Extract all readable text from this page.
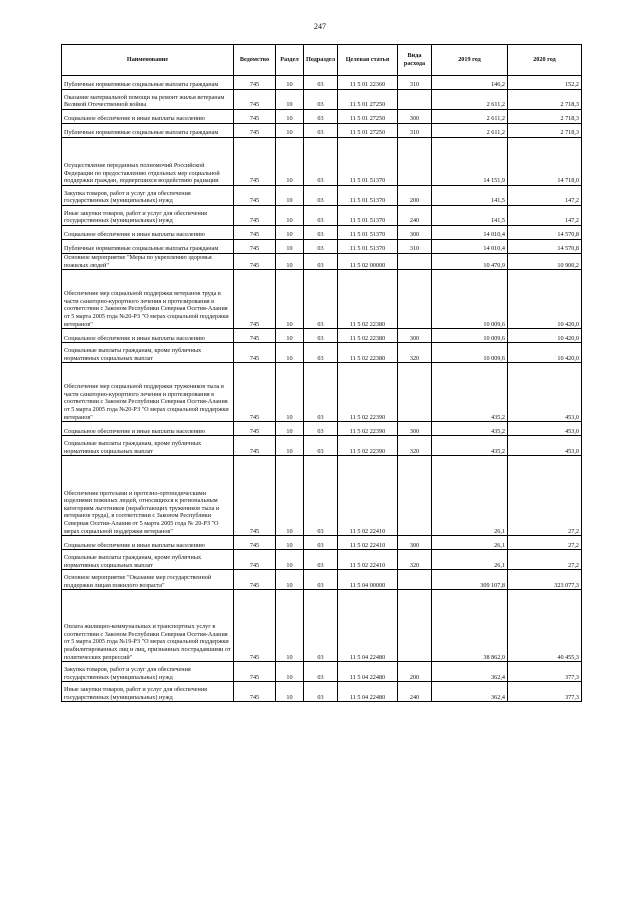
247
Наименование	Ведомство	Раздел	Подраздел	Целевая статья	Вида расхода	2019 год	2020 год
Публичные нормативные социальные выплаты гражданам	745	10	03	11 5 01 22360	310	146,2	152,2
Оказание материальной помощи на ремонт жилья ветеранам Великой Отечественной войны	745	10	03	11 5 01 27250		2 611,2	2 718,3
Социальное обеспечение и иные выплаты населению	745	10	03	11 5 01 27250	300	2 611,2	2 718,3
Публичные нормативные социальные выплаты гражданам	745	10	03	11 5 01 27250	310	2 611,2	2 718,3
Осуществление переданных полномочий Российской Федерации по предоставлению отдельных мер социальной поддержки граждан, подвергшихся воздействию радиации	745	10	03	11 5 01 51370		14 151,9	14 718,0
Закупка товаров, работ и услуг для обеспечения государственных (муниципальных) нужд	745	10	03	11 5 01 51370	200	141,5	147,2
Иные закупки товаров, работ и услуг для обеспечения государственных (муниципальных) нужд	745	10	03	11 5 01 51370	240	141,5	147,2
Социальное обеспечение и иные выплаты населению	745	10	03	11 5 01 51370	300	14 010,4	14 570,8
Публичные нормативные социальные выплаты гражданам	745	10	03	11 5 01 51370	310	14 010,4	14 570,8
Основное мероприятие "Меры по укреплению здоровья пожилых людей"	745	10	03	11 5 02 00000		10 470,9	10 900,2
Обеспечение мер социальной поддержки ветеранов труда в части санаторно-курортного лечения и протезирования в соответствии с Законом Республики Северная Осетия-Алания от 5 марта 2005 года №20-РЗ "О мерах социальной поддержки ветеранов"	745	10	03	11 5 02 22380		10 009,6	10 420,0
Социальное обеспечение и иные выплаты населению	745	10	03	11 5 02 22380	300	10 009,6	10 420,0
Социальные выплаты гражданам, кроме публичных нормативных социальных выплат	745	10	03	11 5 02 22380	320	10 009,6	10 420,0
Обеспечение мер социальной поддержки тружеников тыла в части санаторно-курортного лечения и протезирования в соответствии с Законом Республики Северная Осетия-Алания от 5 марта 2005 года №20-РЗ "О мерах социальной поддержки ветеранов"	745	10	03	11 5 02 22390		435,2	453,0
Социальное обеспечение и иные выплаты населению	745	10	03	11 5 02 22390	300	435,2	453,0
Социальные выплаты гражданам, кроме публичных нормативных социальных выплат	745	10	03	11 5 02 22390	320	435,2	453,0
Обеспечение протезами и протезно-ортопедическими изделиями пожилых людей, относящихся к региональным категориям льготников (неработающих тружеников тыла и ветеранов труда), в соответствии с Законом Республики Северная Осетия-Алания от 5 марта 2005 года № 20-РЗ "О мерах социальной поддержки ветеранов"	745	10	03	11 5 02 22410		26,1	27,2
Социальное обеспечение и иные выплаты населению	745	10	03	11 5 02 22410	300	26,1	27,2
Социальные выплаты гражданам, кроме публичных нормативных социальных выплат	745	10	03	11 5 02 22410	320	26,1	27,2
Основное мероприятие "Оказание мер государственной поддержки лицам пожилого возраста"	745	10	03	11 5 04 00000		309 107,8	323 077,3
Оплата жилищно-коммунальных и транспортных услуг в соответствии с Законом Республики Северная Осетия-Алания от 5 марта 2005 года №19-РЗ "О мерах социальной поддержки реабилитированных лиц и лиц, признанных пострадавшими от политических репрессий"	745	10	03	11 5 04 22480		38 862,0	40 455,3
Закупка товаров, работ и услуг для обеспечения государственных (муниципальных) нужд	745	10	03	11 5 04 22480	200	362,4	377,3
Иные закупки товаров, работ и услуг для обеспечения государственных (муниципальных) нужд	745	10	03	11 5 04 22480	240	362,4	377,3
